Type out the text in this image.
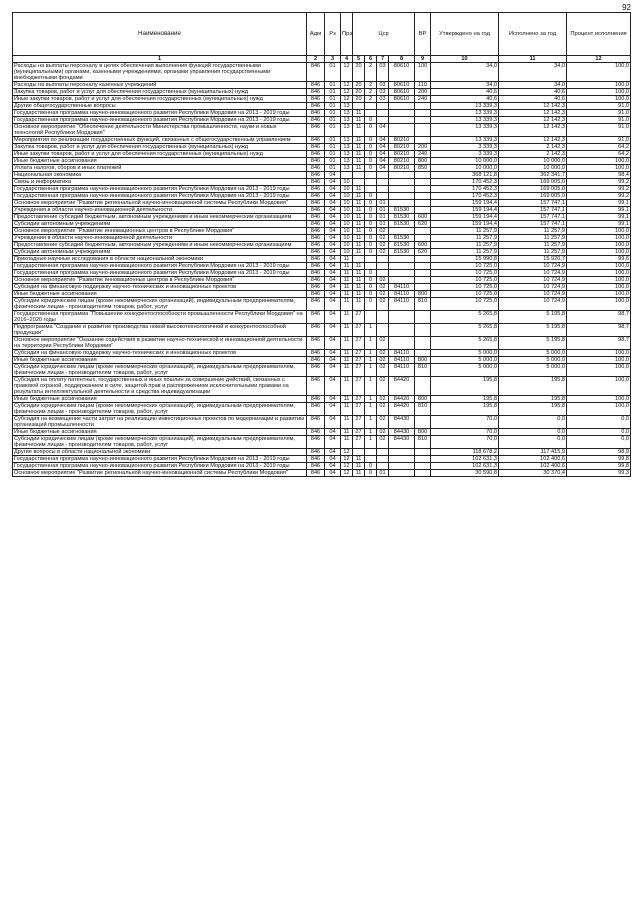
92
Наименование	Адм	Рз	Прз	Цср				ВР	Утверждено на год	Исполнено за год	Процент исполнения
1	2	3	4	5	6	7	8	9	10	11	12
Расходы на выплаты персоналу в целях обеспечения выполнения функций государственными (муниципальными) органами, казенными учреждениями, органами управления государственными внебюджетными фондами	846	01	12	20	2	03	80610	100	34,0	34,0	100,0
Расходы на выплаты персоналу казенных учреждений	846	01	12	20	2	03	80610	110	34,0	34,0	100,0
Закупка товаров, работ и услуг для обеспечения государственных (муниципальных) нужд	846	01	12	20	2	03	80610	200	40,6	40,6	100,0
Иные закупки товаров, работ и услуг для обеспечения государственных (муниципальных) нужд	846	01	12	20	2	03	80610	240	40,6	40,6	100,0
Другие общегосударственные вопросы	846	01	13						13 339,3	12 142,3	91,0
Государственная программа научно-инновационного развития Республики Мордовия на 2013 - 2019 годы	846	01	13	11					13 339,3	12 142,3	91,0
Государственная программа научно-инновационного развития Республики Мордовия на 2013 - 2019 годы	846	01	13	11	0				13 339,3	12 142,3	91,0
Основное мероприятие "Обеспечение деятельности Министерства промышленности, науки и новых технологий Республики Мордовия"	846	01	13	11	0	04			13 339,3	12 142,3	91,0
Мероприятия по реализации государственных функций, связанных с общегосударственным управлением	846	01	13	11	0	04	80210		13 339,3	12 142,3	91,0
Закупка товаров, работ и услуг для обеспечения государственных (муниципальных) нужд	846	01	13	11	0	04	80210	200	3 339,3	2 142,3	64,2
Иные закупки товаров, работ и услуг для обеспечения государственных (муниципальных) нужд	846	01	13	11	0	04	80210	240	3 339,3	2 142,3	64,2
Иные бюджетные ассигнования	846	01	13	11	0	04	80210	800	10 000,0	10 000,0	100,0
Уплата налогов, сборов и иных платежей	846	01	13	11	0	04	80210	850	10 000,0	10 000,0	100,0
Национальная экономика	846	04							368 121,8	362 341,7	98,4
Связь и информатика	846	04	10						170 452,3	169 005,0	99,2
Государственная программа научно-инновационного развития Республики Мордовия на 2013 - 2019 годы	846	04	10	11					170 452,3	169 005,0	99,2
Государственная программа научно-инновационного развития Республики Мордовия на 2013 - 2019 годы	846	04	10	11	0				170 452,3	169 005,0	99,2
Основное мероприятие "Развитие региональной научно-инновационной системы Республики Мордовия"	846	04	10	11	0	01			159 194,4	157 747,1	99,1
Учреждения в области научно-инновационной деятельности	846	04	10	11	0	01	81530		159 194,4	157 747,1	99,1
Предоставление субсидий бюджетным, автономным учреждениям и иным некоммерческим организациям	846	04	10	11	0	01	81530	600	159 194,4	157 747,1	99,1
Субсидии автономным учреждениям	846	04	10	11	0	01	81530	620	159 194,4	157 747,1	99,1
Основное мероприятие "Развитие инновационных центров в Республике Мордовия"	846	04	10	11	0	02			11 257,9	11 257,9	100,0
Учреждения в области научно-инновационной деятельности	846	04	10	11	0	02	81530		11 257,9	11 257,9	100,0
Предоставление субсидий бюджетным, автономным учреждениям и иным некоммерческим организациям	846	04	10	11	0	02	81530	600	11 257,9	11 257,9	100,0
Субсидии автономным учреждениям	846	04	10	11	0	02	81530	620	11 257,9	11 257,9	100,0
Прикладные научные исследования в области национальной экономики	846	04	11						15 990,8	15 920,7	99,6
Государственная программа научно-инновационного развития Республики Мордовия на 2013 - 2019 годы	846	04	11	11					10 725,0	10 724,9	100,0
Государственная программа научно-инновационного развития Республики Мордовия на 2013 - 2019 годы	846	04	11	11	0				10 725,0	10 724,9	100,0
Основное мероприятие "Развитие инновационных центров в Республике Мордовия"	846	04	11	11	0	02			10 725,0	10 724,9	100,0
Субсидия на финансовую поддержку научно-технических и инновационных проектов	846	04	11	11	0	02	84110		10 725,0	10 724,9	100,0
Иные бюджетные ассигнования	846	04	11	11	0	02	84110	800	10 725,0	10 724,9	100,0
Субсидии юридическим лицам (кроме некоммерческих организаций), индивидуальным предпринимателям, физическим лицам - производителям товаров, работ, услуг	846	04	11	11	0	02	84110	810	10 725,0	10 724,9	100,0
Государственная программа "Повышение конкурентоспособности промышленности Республики Мордовия" на 2016–2020 годы	846	04	11	27					5 265,8	5 195,8	98,7
Подпрограмма "Создание и развитие производства новой высокотехнологичной и конкурентоспособной продукции"	846	04	11	27	1				5 265,8	5 195,8	98,7
Основное мероприятие "Оказание содействия в развитии научно-технической и инновационной деятельности на территории Республики Мордовия"	846	04	11	27	1	02			5 265,8	5 195,8	98,7
Субсидия на финансовую поддержку научно-технических и инновационных проектов	846	04	11	27	1	02	84110		5 000,0	5 000,0	100,0
Иные бюджетные ассигнования	846	04	11	27	1	02	84110	800	5 000,0	5 000,0	100,0
Субсидии юридическим лицам (кроме некоммерческих организаций), индивидуальным предпринимателям, физическим лицам - производителям товаров, работ, услуг	846	04	11	27	1	02	84110	810	5 000,0	5 000,0	100,0
Субсидия на оплату патентных, государственных и иных пошлин за совершение действий, связанных с правовой охраной, поддержанием в силе, защитой прав и распоряжением исключительными правами на результаты интеллектуальной деятельности и средства индивидуализации	846	04	11	27	1	02	84420		195,8	195,8	100,0
Иные бюджетные ассигнования	846	04	11	27	1	02	84420	800	195,8	195,8	100,0
Субсидии юридическим лицам (кроме некоммерческих организаций), индивидуальным предпринимателям, физическим лицам - производителям товаров, работ, услуг	846	04	11	27	1	02	84420	810	195,8	195,8	100,0
Субсидия на возмещение части затрат на реализацию инвестиционных проектов по модернизации и развитию организаций промышленности	846	04	11	27	1	02	84430		70,0	0,0	0,0
Иные бюджетные ассигнования	846	04	11	27	1	02	84430	800	70,0	0,0	0,0
Субсидии юридическим лицам (кроме некоммерческих организаций), индивидуальным предпринимателям, физическим лицам - производителям товаров, работ, услуг	846	04	11	27	1	02	84430	810	70,0	0,0	0,0
Другие вопросы в области национальной экономики	846	04	12						118 678,2	117 415,9	98,9
Государственная программа научно-инновационного развития Республики Мордовия на 2013 - 2019 годы	846	04	12	11					102 631,3	102 400,6	99,8
Государственная программа научно-инновационного развития Республики Мордовия на 2013 - 2019 годы	846	04	12	11	0				102 631,3	102 400,6	99,8
Основное мероприятие "Развитие региональной научно-инновационной системы Республики Мордовия"	846	04	12	11	0	01			30 590,8	30 370,4	99,3
